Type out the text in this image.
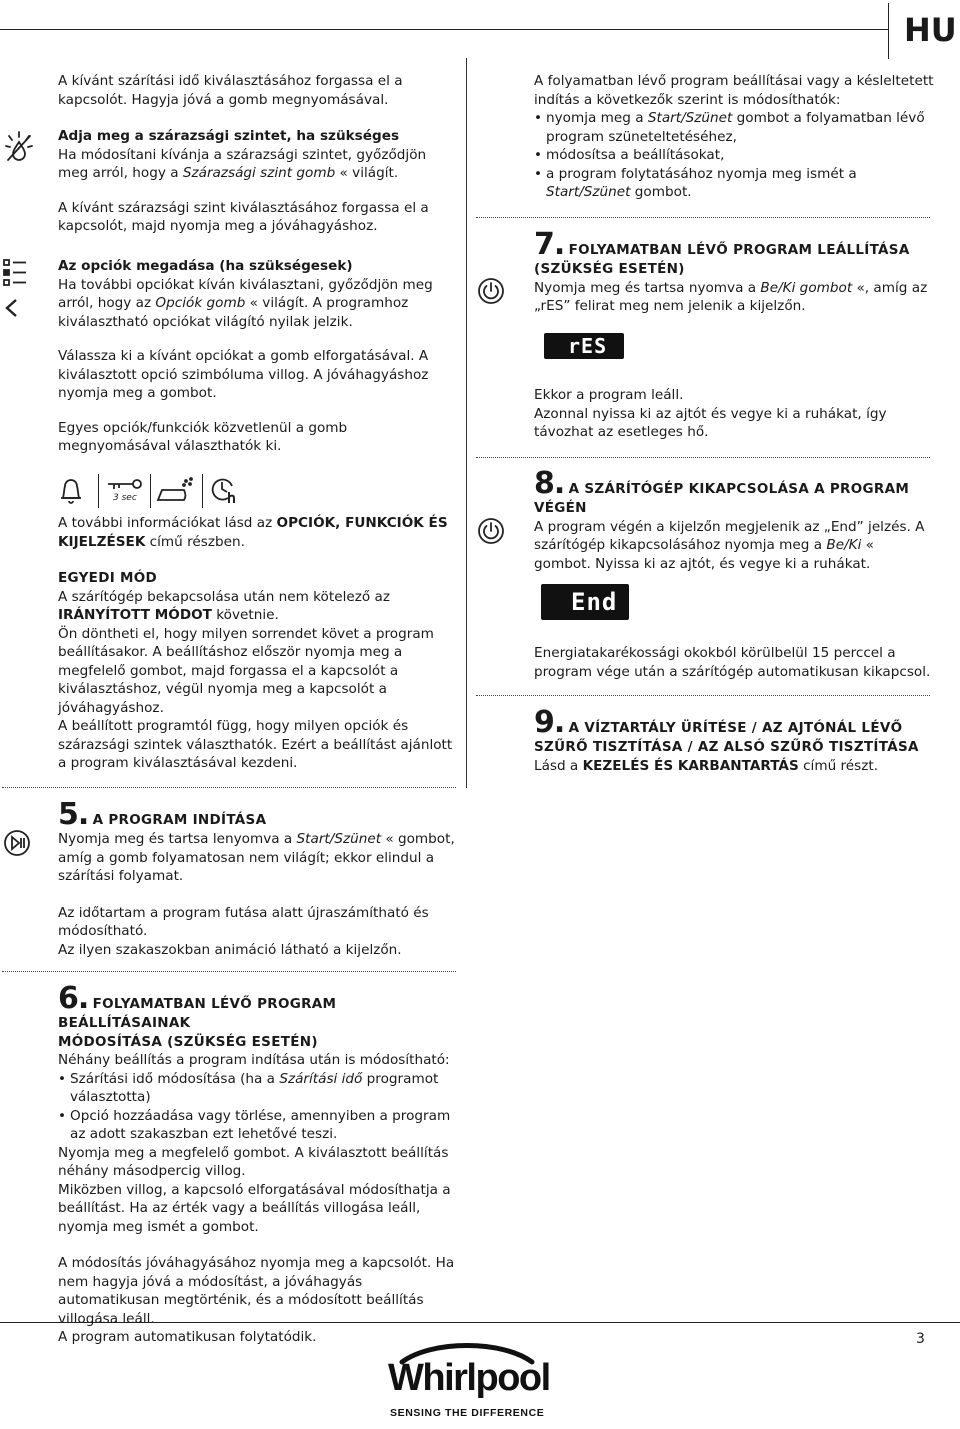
HU

A kívánt szárítási idő kiválasztásához forgassa el a kapcsolót. Hagyja jóvá a gomb megnyomásával.

Adja meg a szárazsági szintet, ha szükséges

Ha módosítani kívánja a szárazsági szintet, győződjön meg arról, hogy a Szárazsági szint gomb « világít.

A kívánt szárazsági szint kiválasztásához forgassa el a kapcsolót, majd nyomja meg a jóváhagyáshoz.

Az opciók megadása (ha szükségesek)

Ha további opciókat kíván kiválasztani, győződjön meg arról, hogy az Opciók gomb « világít. A programhoz kiválasztható opciókat világító nyilak jelzik.

Válassza ki a kívánt opciókat a gomb elforgatásával. A kiválasztott opció szimbóluma villog. A jóváhagyáshoz nyomja meg a gombot.

Egyes opciók/funkciók közvetlenül a gomb megnyomásával választhatók ki.

3 sec

A további információkat lásd az OPCIÓK, FUNKCIÓK ÉS KIJELZÉSEK című részben.

EGYEDI MÓD

A szárítógép bekapcsolása után nem kötelező az IRÁNYÍTOTT MÓDOT követnie.

Ön döntheti el, hogy milyen sorrendet követ a program beállításakor. A beállításhoz először nyomja meg a megfelelő gombot, majd forgassa el a kapcsolót a kiválasztáshoz, végül nyomja meg a kapcsolót a jóváhagyáshoz.

A beállított programtól függ, hogy milyen opciók és szárazsági szintek választhatók. Ezért a beállítást ajánlott a program kiválasztásával kezdeni.

5. A PROGRAM INDÍTÁSA

Nyomja meg és tartsa lenyomva a Start/Szünet « gombot, amíg a gomb folyamatosan nem világít; ekkor elindul a szárítási folyamat.

Az időtartam a program futása alatt újraszámítható és módosítható.

Az ilyen szakaszokban animáció látható a kijelzőn.

6. FOLYAMATBAN LÉVŐ PROGRAM BEÁLLÍTÁSAINAK

MÓDOSÍTÁSA (SZÜKSÉG ESETÉN)

Néhány beállítás a program indítása után is módosítható:

• Szárítási idő módosítása (ha a Szárítási idő programot választotta)

• Opció hozzáadása vagy törlése, amennyiben a program az adott szakaszban ezt lehetővé teszi.

Nyomja meg a megfelelő gombot. A kiválasztott beállítás néhány másodpercig villog.

Miközben villog, a kapcsoló elforgatásával módosíthatja a beállítást. Ha az érték vagy a beállítás villogása leáll, nyomja meg ismét a gombot.

A módosítás jóváhagyásához nyomja meg a kapcsolót. Ha nem hagyja jóvá a módosítást, a jóváhagyás automatikusan megtörténik, és a módosított beállítás villogása leáll.

A program automatikusan folytatódik.

A folyamatban lévő program beállításai vagy a késleltetett indítás a következők szerint is módosíthatók:

• nyomja meg a Start/Szünet gombot a folyamatban lévő program szüneteltetéséhez,

• módosítsa a beállításokat,

• a program folytatásához nyomja meg ismét a Start/Szünet gombot.

7. FOLYAMATBAN LÉVŐ PROGRAM LEÁLLÍTÁSA

(SZÜKSÉG ESETÉN)

Nyomja meg és tartsa nyomva a Be/Ki gombot «, amíg az „rES” felirat meg nem jelenik a kijelzőn.

rES

Ekkor a program leáll.

Azonnal nyissa ki az ajtót és vegye ki a ruhákat, így távozhat az esetleges hő.

8. A SZÁRÍTÓGÉP KIKAPCSOLÁSA A PROGRAM

VÉGÉN

A program végén a kijelzőn megjelenik az „End” jelzés. A szárítógép kikapcsolásához nyomja meg a Be/Ki « gombot. Nyissa ki az ajtót, és vegye ki a ruhákat.

End

Energiatakarékossági okokból körülbelül 15 perccel a program vége után a szárítógép automatikusan kikapcsol.

9. A VÍZTARTÁLY ÜRÍTÉSE / AZ AJTÓNÁL LÉVŐ

SZŰRŐ TISZTÍTÁSA / AZ ALSÓ SZŰRŐ TISZTÍTÁSA

Lásd a KEZELÉS ÉS KARBANTARTÁS című részt.

3
Whirlpool
SENSING THE DIFFERENCE
